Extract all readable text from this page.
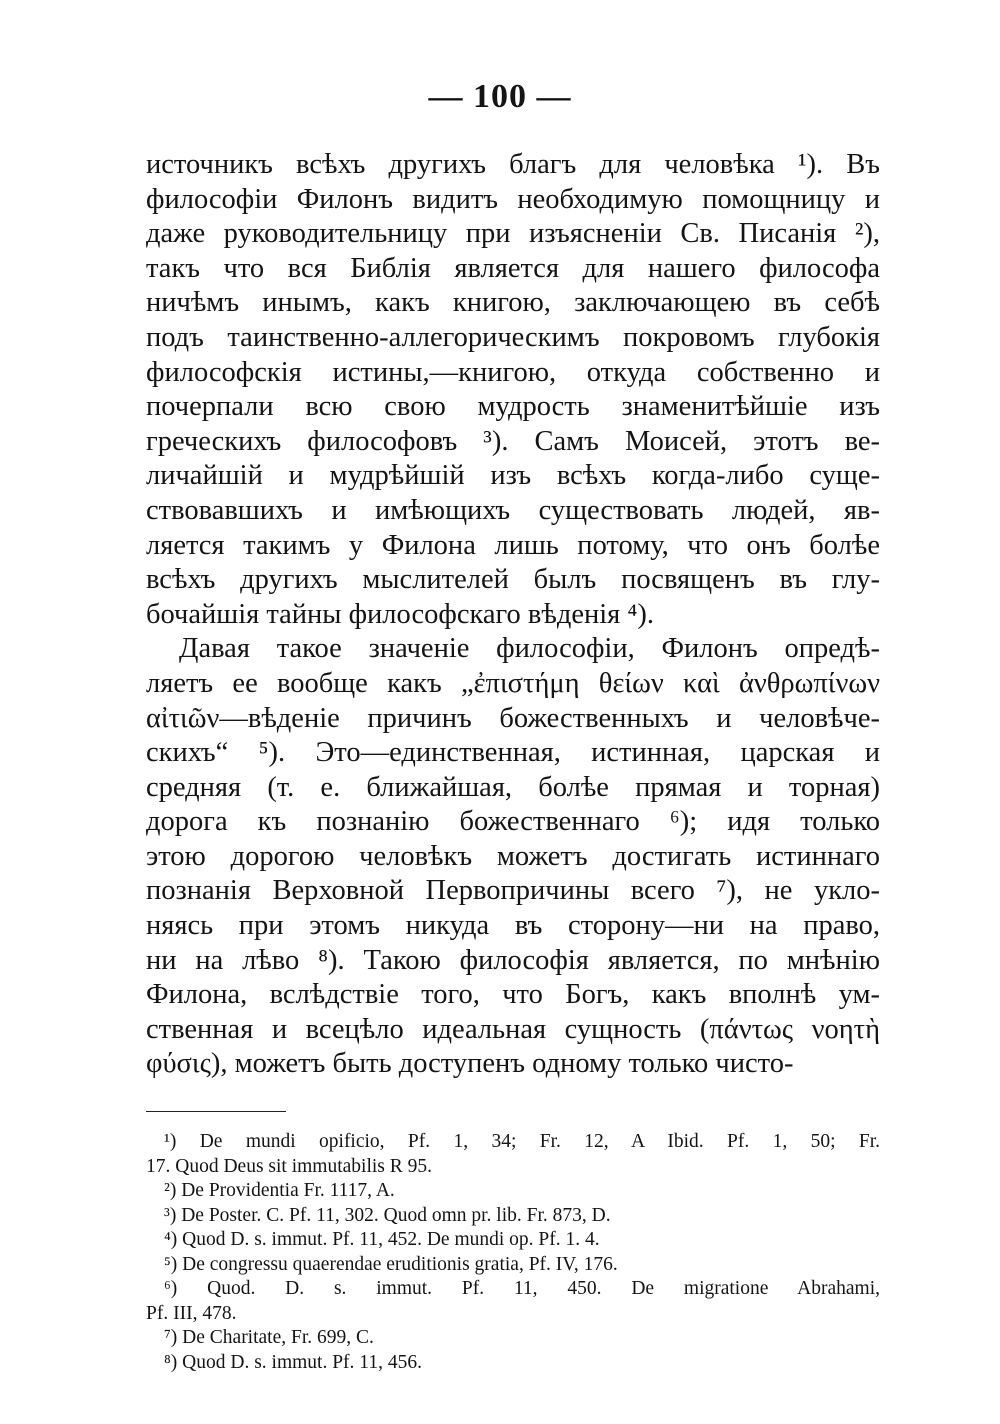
— 100 —
источникъ всѣхъ другихъ благъ для человѣка ¹). Въ
философіи Филонъ видитъ необходимую помощницу и
даже руководительницу при изъясненіи Св. Писанія ²),
такъ что вся Библія является для нашего философа
ничѣмъ инымъ, какъ книгою, заключающею въ себѣ
подъ таинственно-аллегорическимъ покровомъ глубокія
философскія истины,—книгою, откуда собственно и
почерпали всю свою мудрость знаменитѣйшіе изъ
греческихъ философовъ ³). Самъ Моисей, этотъ ве-
личайшій и мудрѣйшій изъ всѣхъ когда-либо суще-
ствовавшихъ и имѣющихъ существовать людей, яв-
ляется такимъ у Филона лишь потому, что онъ болѣе
всѣхъ другихъ мыслителей былъ посвященъ въ глу-
бочайшія тайны философскаго вѣденія ⁴).
Давая такое значеніе философіи, Филонъ опредѣ-
ляетъ ее вообще какъ „ἐπιστήμη θείων καὶ ἀνθρωπίνων
αἰτιῶν—вѣденіе причинъ божественныхъ и человѣче-
скихъ“ ⁵). Это—единственная, истинная, царская и
средняя (т. е. ближайшая, болѣе прямая и торная)
дорога къ познанію божественнаго ⁶); идя только
этою дорогою человѣкъ можетъ достигать истиннаго
познанія Верховной Первопричины всего ⁷), не укло-
няясь при этомъ никуда въ сторону—ни на право,
ни на лѣво ⁸). Такою философія является, по мнѣнію
Филона, вслѣдствіе того, что Богъ, какъ вполнѣ ум-
ственная и всецѣло идеальная сущность (πάντως νοητὴ
φύσις), можетъ быть доступенъ одному только чисто-
¹) De mundi opificio, Pf. 1, 34; Fr. 12, A Ibid. Pf. 1, 50; Fr.
17. Quod Deus sit immutabilis R 95.
²) De Providentia Fr. 1117, A.
³) De Poster. C. Pf. 11, 302. Quod omn pr. lib. Fr. 873, D.
⁴) Quod D. s. immut. Pf. 11, 452. De mundi op. Pf. 1. 4.
⁵) De congressu quaerendae eruditionis gratia, Pf. IV, 176.
⁶) Quod. D. s. immut. Pf. 11, 450. De migratione Abrahami,
Pf. III, 478.
⁷) De Charitate, Fr. 699, C.
⁸) Quod D. s. immut. Pf. 11, 456.
